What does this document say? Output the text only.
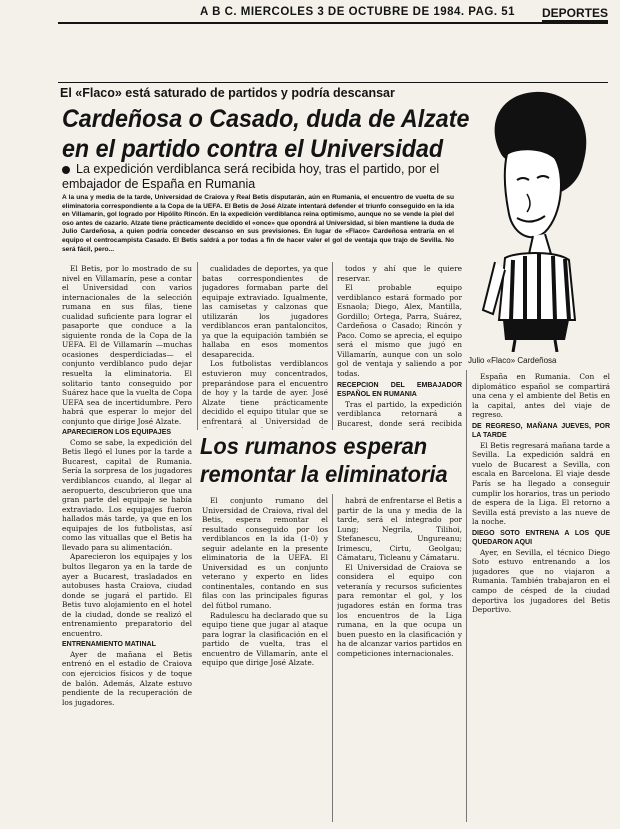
A B C. MIERCOLES 3 DE OCTUBRE DE 1984. PAG. 51 DEPORTES
El «Flaco» está saturado de partidos y podría descansar
Cardeñosa o Casado, duda de Alzate
en el partido contra el Universidad
La expedición verdiblanca será recibida hoy, tras el partido, por el embajador de España en Rumania
A la una y media de la tarde, Universidad de Craiova y Real Betis disputarán, aún en Rumania, el encuentro de vuelta de su eliminatoria correspondiente a la Copa de la UEFA. El Betis de José Alzate intentará defender el triunfo conseguido en la ida en Villamarín, gol logrado por Hipólito Rincón. En la expedición verdiblanca reina optimismo, aunque no se vende la piel del oso antes de cazarlo. Alzate tiene prácticamente decidido el «once» que opondrá al Universidad, si bien mantiene la duda de Julio Cardeñosa, a quien podría conceder descanso en sus previsiones. En lugar de «Flaco» Cardeñosa entraría en el equipo el centrocampista Casado. El Betis saldrá a por todas a fin de hacer valer el gol de ventaja que trajo de Sevilla. No será fácil, pero...
Julio «Flaco» Cardeñosa

El Betis, por lo mostrado de su nivel en Villamarín, pese a contar el Universidad con varios internacionales de la selección rumana en sus filas, tiene cualidad suficiente para lograr el pasaporte que conduce a la siguiente ronda de la Copa de la UEFA. El de Villamarín —muchas ocasiones desperdiciadas— el conjunto verdiblanco pudo dejar resuelta la eliminatoria. El solitario tanto conseguido por Suárez hace que la vuelta de Copa UEFA sea de incertidumbre. Pero habrá que esperar lo mejor del conjunto que dirige José Alzate.

APARECIERON LOS EQUIPAJES

Como se sabe, la expedición del Betis llegó el lunes por la tarde a Bucarest, capital de Rumania. Sería la sorpresa de los jugadores verdiblancos cuando, al llegar al aeropuerto, descubrieron que una gran parte del equipaje se había extraviado. Los equipajes fueron hallados más tarde, ya que en los equipajes de los futbolistas, así como las vituallas que el Betis ha llevado para su alimentación.

Aparecieron los equipajes y los bultos llegaron ya en la tarde de ayer a Bucarest, trasladados en autobuses hasta Craiova, ciudad donde se jugará el partido. El Betis tuvo alojamiento en el hotel de la ciudad, donde se realizó el entrenamiento preparatorio del encuentro.

ENTRENAMIENTO MATINAL

Ayer de mañana el Betis entrenó en el estadio de Craiova con ejercicios físicos y de toque de balón. Además, Alzate estuvo pendiente de la recuperación de los jugadores.

cualidades de deportes, ya que batas correspondientes de jugadores formaban parte del equipaje extraviado. Igualmente, las camisetas y calzonas que utilizarán los jugadores verdiblancos eran pantaloncitos, ya que la equipación también se hallaba en esos momentos desaparecida.

Los futbolistas verdiblancos estuvieron muy concentrados, preparándose para el encuentro de hoy y la tarde de ayer. José Alzate tiene prácticamente decidido el equipo titular que se enfrentará al Universidad de

todos y ahí que le quiere reservar.

El probable equipo verdiblanco estará formado por Esnaola; Diego, Alex, Mantilla, Gordillo; Ortega, Parra, Suárez, Cardeñosa o Casado; Rincón y Paco. Como se aprecia, el equipo será el mismo que jugó en Villamarín, aunque con un solo gol de ventaja y saliendo a por todas.

RECEPCION DEL EMBAJADOR ESPAÑOL EN RUMANIA

Tras el partido, la expedición verdiblanca retornará a Bucarest, donde será recibida

España en Rumania. Con el diplomático español se compartirá una cena y el ambiente del Betis en la capital, antes del viaje de regreso.

DE REGRESO, MAÑANA JUEVES, POR LA TARDE

El Betis regresará mañana tarde a Sevilla. La expedición saldrá en vuelo de Bucarest a Sevilla, con escala en Barcelona. El viaje desde París se ha llegado a conseguir cumplir los horarios, tras un periodo de espera de la Liga. El retorno a Sevilla está previsto a las nueve de la noche.

DIEGO SOTO ENTRENA A LOS QUE QUEDARON AQUI

Ayer, en Sevilla, el técnico Diego Soto estuvo entrenando a los jugadores que no viajaron a Rumania. También trabajaron en el campo de césped de la ciudad deportiva los jugadores del Betis Deportivo.

Los rumanos esperan
remontar la eliminatoria

El conjunto rumano del Universidad de Craiova, rival del Betis, espera remontar el resultado conseguido por los verdiblancos en la ida (1-0) y seguir adelante en la presente eliminatoria de la UEFA. El Universidad es un conjunto veterano y experto en lides continentales, contando en sus filas con las principales figuras del fútbol rumano.

Radulescu ha declarado que su equipo tiene que jugar al ataque para lograr la clasificación en el partido de vuelta, tras el encuentro de Villamarín, ante el equipo que dirige José Alzate.

habrá de enfrentarse el Betis a partir de la una y media de la tarde, será el integrado por Lung; Negrila, Tilihoi, Stefanescu, Ungureanu; Irimescu, Cirtu, Geolgau; Cámataru, Ticleanu y Cámataru.

El Universidad de Craiova se considera el equipo con veteranía y recursos suficientes para remontar el gol, y los jugadores están en forma tras los encuentros de la Liga rumana, en la que ocupa un buen puesto en la clasificación y ha de alcanzar varios partidos en competiciones internacionales.
